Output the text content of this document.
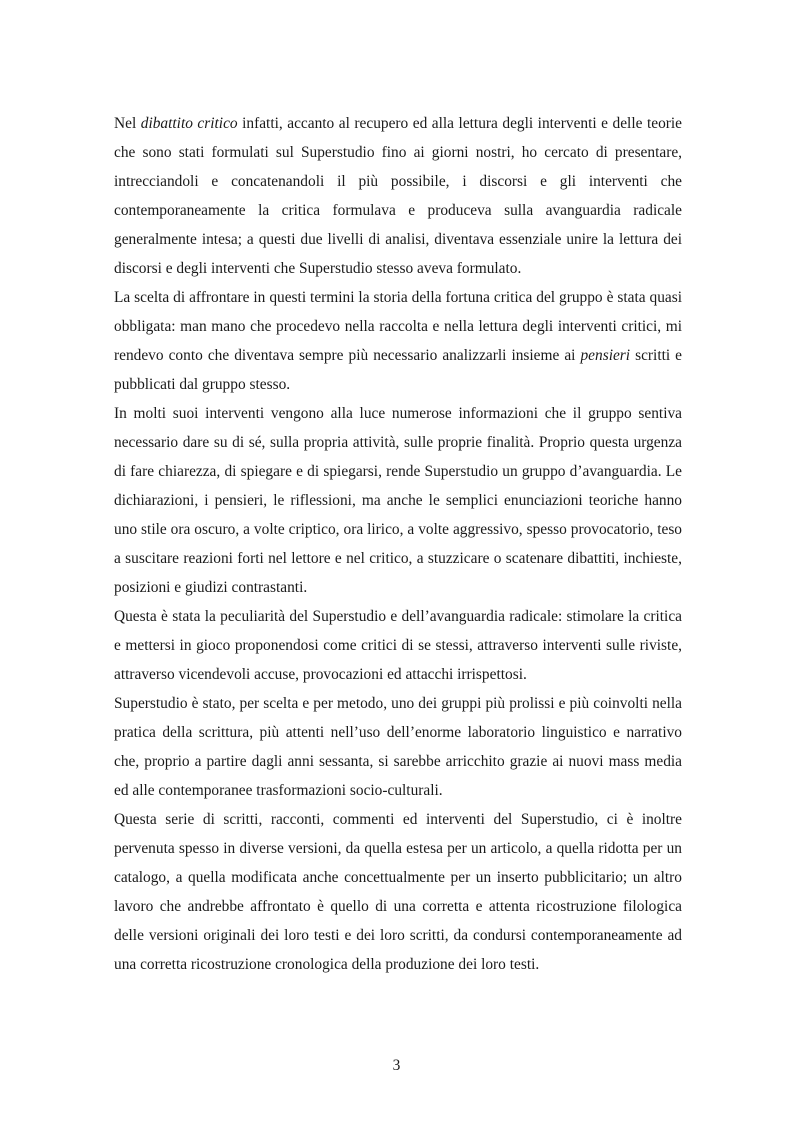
Nel dibattito critico infatti, accanto al recupero ed alla lettura degli interventi e delle teorie che sono stati formulati sul Superstudio fino ai giorni nostri, ho cercato di presentare, intrecciandoli e concatenandoli il più possibile, i discorsi e gli interventi che contemporaneamente la critica formulava e produceva sulla avanguardia radicale generalmente intesa; a questi due livelli di analisi, diventava essenziale unire la lettura dei discorsi e degli interventi che Superstudio stesso aveva formulato.

La scelta di affrontare in questi termini la storia della fortuna critica del gruppo è stata quasi obbligata: man mano che procedevo nella raccolta e nella lettura degli interventi critici, mi rendevo conto che diventava sempre più necessario analizzarli insieme ai pensieri scritti e pubblicati dal gruppo stesso.

In molti suoi interventi vengono alla luce numerose informazioni che il gruppo sentiva necessario dare su di sé, sulla propria attività, sulle proprie finalità. Proprio questa urgenza di fare chiarezza, di spiegare e di spiegarsi, rende Superstudio un gruppo d’avanguardia. Le dichiarazioni, i pensieri, le riflessioni, ma anche le semplici enunciazioni teoriche hanno uno stile ora oscuro, a volte criptico, ora lirico, a volte aggressivo, spesso provocatorio, teso a suscitare reazioni forti nel lettore e nel critico, a stuzzicare o scatenare dibattiti, inchieste, posizioni e giudizi contrastanti.

Questa è stata la peculiarità del Superstudio e dell’avanguardia radicale: stimolare la critica e mettersi in gioco proponendosi come critici di se stessi, attraverso interventi sulle riviste, attraverso vicendevoli accuse, provocazioni ed attacchi irrispettosi.

Superstudio è stato, per scelta e per metodo, uno dei gruppi più prolissi e più coinvolti nella pratica della scrittura, più attenti nell’uso dell’enorme laboratorio linguistico e narrativo che, proprio a partire dagli anni sessanta, si sarebbe arricchito grazie ai nuovi mass media ed alle contemporanee trasformazioni socio-culturali.

Questa serie di scritti, racconti, commenti ed interventi del Superstudio, ci è inoltre pervenuta spesso in diverse versioni, da quella estesa per un articolo, a quella ridotta per un catalogo, a quella modificata anche concettualmente per un inserto pubblicitario; un altro lavoro che andrebbe affrontato è quello di una corretta e attenta ricostruzione filologica delle versioni originali dei loro testi e dei loro scritti, da condursi contemporaneamente ad una corretta ricostruzione cronologica della produzione dei loro testi.

3
